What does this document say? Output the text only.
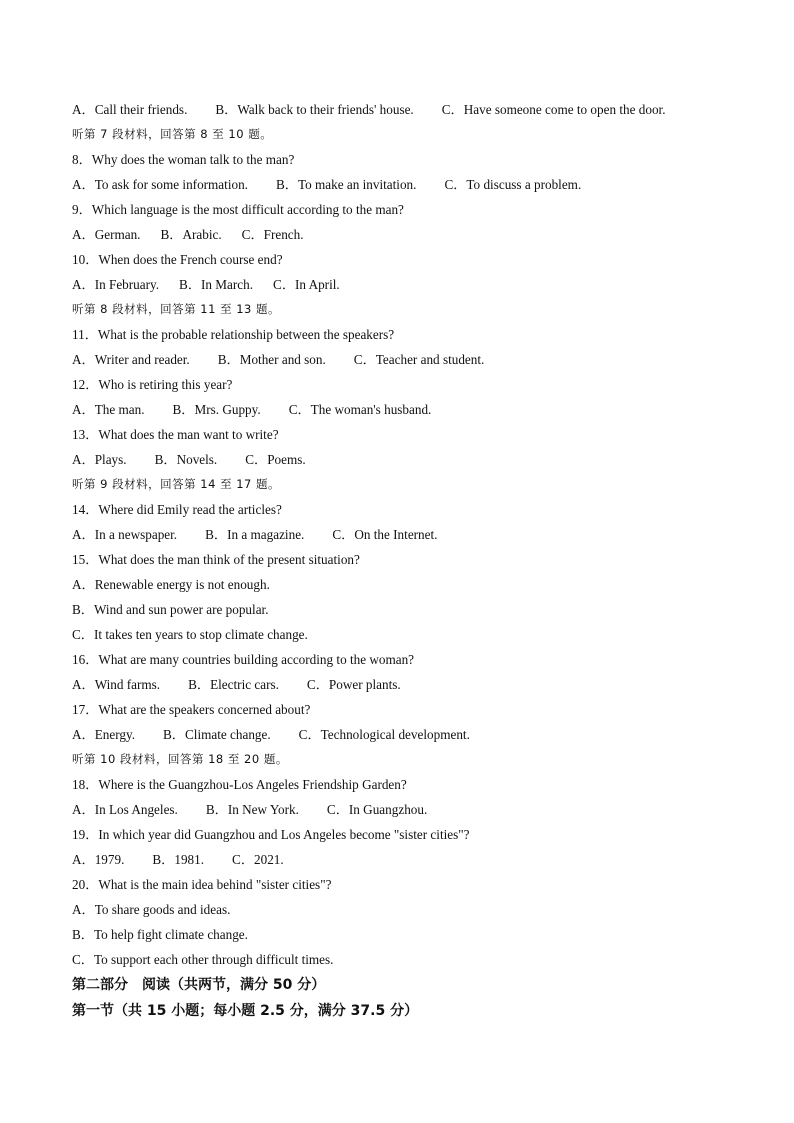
A．Call their friends. B．Walk back to their friends' house. C．Have someone come to open the door.
听第 7 段材料，回答第 8 至 10 题。
8．Why does the woman talk to the man?
A．To ask for some information. B．To make an invitation. C．To discuss a problem.
9．Which language is the most difficult according to the man?
A．German. B．Arabic. C．French.
10．When does the French course end?
A．In February. B．In March. C．In April.
听第 8 段材料，回答第 11 至 13 题。
11．What is the probable relationship between the speakers?
A．Writer and reader. B．Mother and son. C．Teacher and student.
12．Who is retiring this year?
A．The man. B．Mrs. Guppy. C．The woman's husband.
13．What does the man want to write?
A．Plays. B．Novels. C．Poems.
听第 9 段材料，回答第 14 至 17 题。
14．Where did Emily read the articles?
A．In a newspaper. B．In a magazine. C．On the Internet.
15．What does the man think of the present situation?
A．Renewable energy is not enough.
B．Wind and sun power are popular.
C．It takes ten years to stop climate change.
16．What are many countries building according to the woman?
A．Wind farms. B．Electric cars. C．Power plants.
17．What are the speakers concerned about?
A．Energy. B．Climate change. C．Technological development.
听第 10 段材料，回答第 18 至 20 题。
18．Where is the Guangzhou-Los Angeles Friendship Garden?
A．In Los Angeles. B．In New York. C．In Guangzhou.
19．In which year did Guangzhou and Los Angeles become "sister cities"?
A．1979. B．1981. C．2021.
20．What is the main idea behind "sister cities"?
A．To share goods and ideas.
B．To help fight climate change.
C．To support each other through difficult times.
第二部分　阅读（共两节，满分 50 分）
第一节（共 15 小题；每小题 2.5 分，满分 37.5 分）
